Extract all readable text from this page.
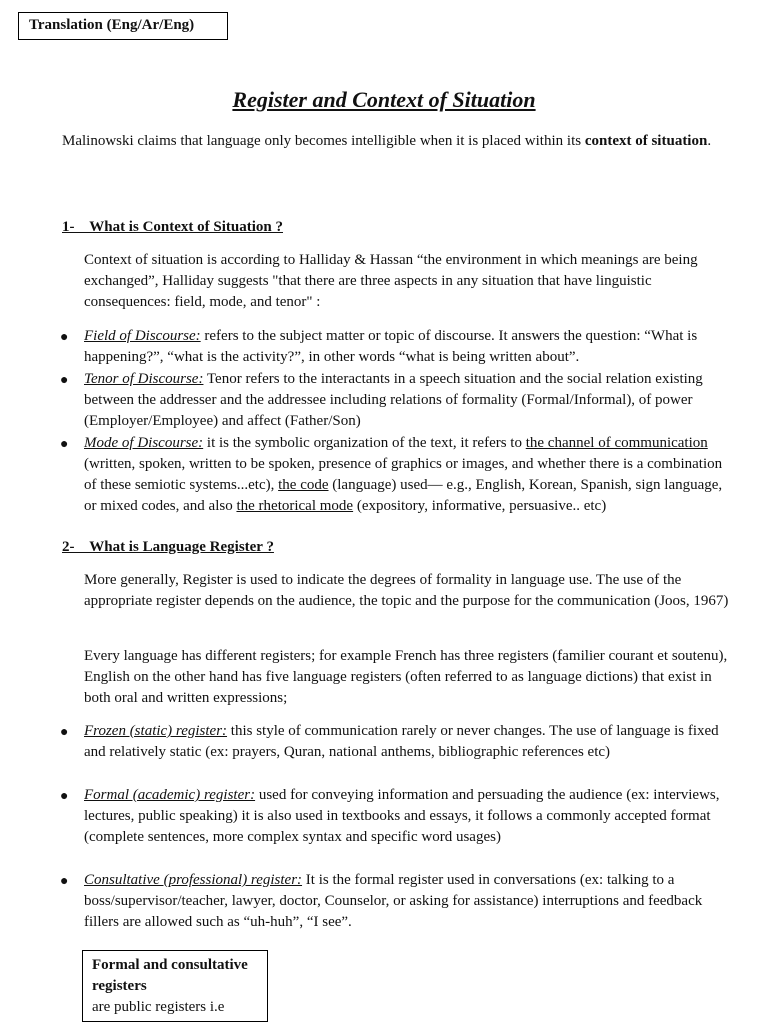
Translation (Eng/Ar/Eng)
Register and Context of Situation
Malinowski claims that language only becomes intelligible when it is placed within its context of situation.
1-    What is Context of Situation ?
Context of situation is according to Halliday & Hassan “the environment in which meanings are being exchanged”, Halliday suggests "that there are three aspects in any situation that have linguistic consequences: field, mode, and tenor" :
● Field of Discourse: refers to the subject matter or topic of discourse. It answers the question: “What is happening?”, “what is the activity?”, in other words “what is being written about”.
● Tenor of Discourse: Tenor refers to the interactants in a speech situation and the social relation existing between the addresser and the addressee including relations of formality (Formal/Informal), of power (Employer/Employee) and affect (Father/Son)
● Mode of Discourse: it is the symbolic organization of the text, it refers to the channel of communication (written, spoken, written to be spoken, presence of graphics or images, and whether there is a combination of these semiotic systems...etc), the code (language) used— e.g., English, Korean, Spanish, sign language, or mixed codes, and also the rhetorical mode (expository, informative, persuasive.. etc)
2-    What is Language Register ?
More generally, Register is used to indicate the degrees of formality in language use. The use of the appropriate register depends on the audience, the topic and the purpose for the communication (Joos, 1967)
Every language has different registers; for example French has three registers (familier courant et soutenu), English on the other hand has five language registers (often referred to as language dictions) that exist in both oral and written expressions;
● Frozen (static) register: this style of communication rarely or never changes. The use of language is fixed and relatively static (ex: prayers, Quran, national anthems, bibliographic references etc)
● Formal (academic) register: used for conveying information and persuading the audience (ex: interviews, lectures, public speaking) it is also used in textbooks and essays, it follows a commonly accepted format (complete sentences, more complex syntax and specific word usages)
● Consultative (professional) register: It is the formal register used in conversations (ex: talking to a boss/supervisor/teacher, lawyer, doctor, Counselor, or asking for assistance) interruptions and feedback fillers are allowed such as “uh-huh”, “I see”.
Formal and consultative registers
are public registers i.e
